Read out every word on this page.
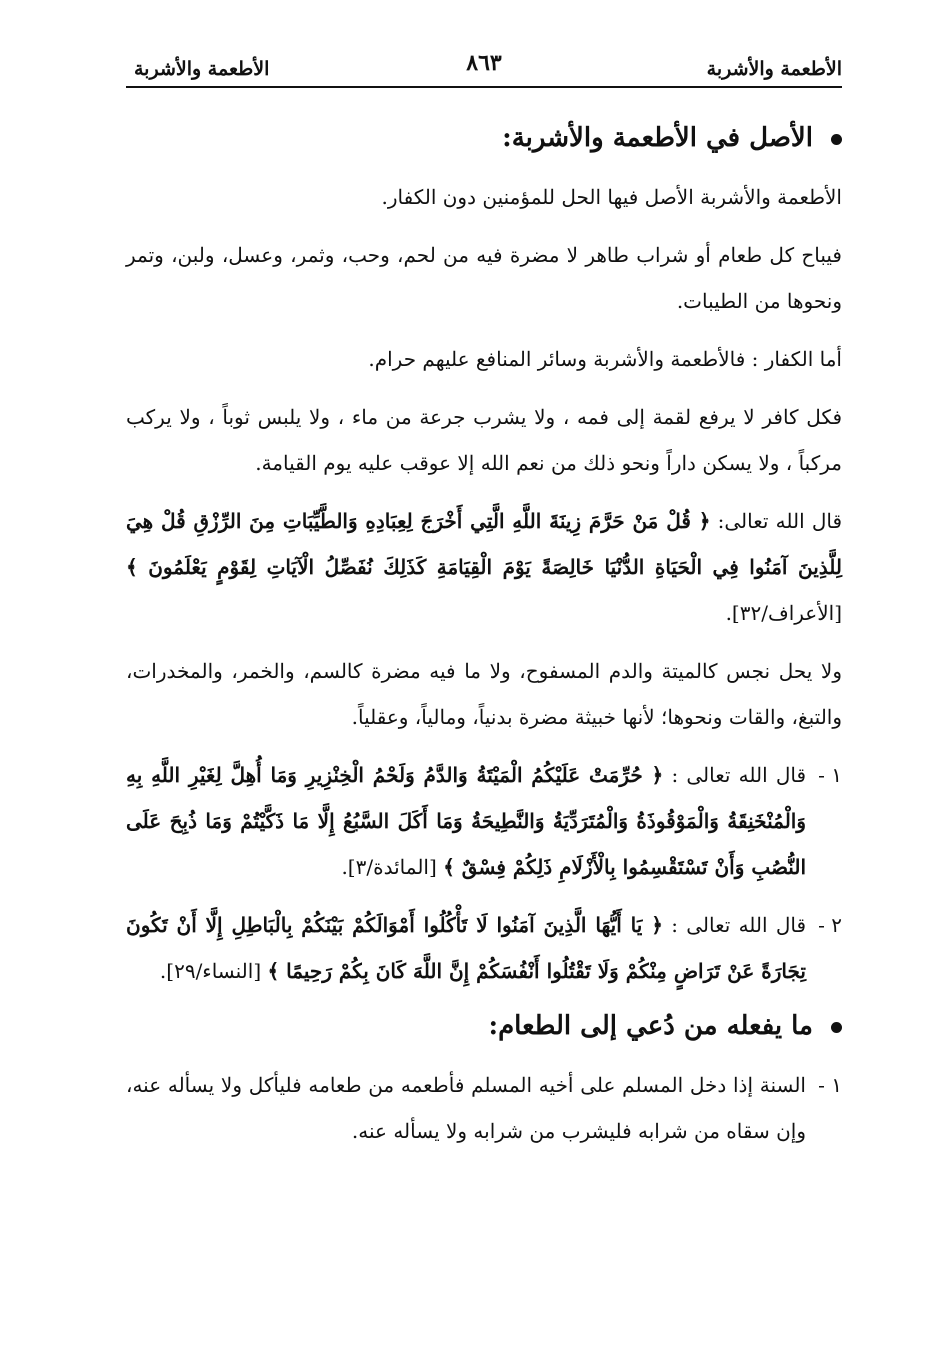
الأطعمة والأشربة
٨٦٣
الأطعمة والأشربة
الأصل في الأطعمة والأشربة:

الأطعمة والأشربة الأصل فيها الحل للمؤمنين دون الكفار.

فيباح كل طعام أو شراب طاهر لا مضرة فيه من لحم، وحب، وثمر، وعسل، ولبن، وتمر ونحوها من الطيبات.

أما الكفار : فالأطعمة والأشربة وسائر المنافع عليهم حرام.

فكل كافر لا يرفع لقمة إلى فمه ، ولا يشرب جرعة من ماء ، ولا يلبس ثوباً ، ولا يركب مركباً ، ولا يسكن داراً ونحو ذلك من نعم الله إلا عوقب عليه يوم القيامة.

قال الله تعالى: ﴿ قُلْ مَنْ حَرَّمَ زِينَةَ اللَّهِ الَّتِي أَخْرَجَ لِعِبَادِهِ وَالطَّيِّبَاتِ مِنَ الرِّزْقِ قُلْ هِيَ لِلَّذِينَ آمَنُوا فِي الْحَيَاةِ الدُّنْيَا خَالِصَةً يَوْمَ الْقِيَامَةِ كَذَلِكَ نُفَصِّلُ الْآيَاتِ لِقَوْمٍ يَعْلَمُونَ ﴾ [الأعراف/٣٢].

ولا يحل نجس كالميتة والدم المسفوح، ولا ما فيه مضرة كالسم، والخمر، والمخدرات، والتبغ، والقات ونحوها؛ لأنها خبيثة مضرة بدنياً، ومالياً، وعقلياً.

١ -
قال الله تعالى : ﴿ حُرِّمَتْ عَلَيْكُمُ الْمَيْتَةُ وَالدَّمُ وَلَحْمُ الْخِنْزِيرِ وَمَا أُهِلَّ لِغَيْرِ اللَّهِ بِهِ وَالْمُنْخَنِقَةُ وَالْمَوْقُوذَةُ وَالْمُتَرَدِّيَةُ وَالنَّطِيحَةُ وَمَا أَكَلَ السَّبُعُ إِلَّا مَا ذَكَّيْتُمْ وَمَا ذُبِحَ عَلَى النُّصُبِ وَأَنْ تَسْتَقْسِمُوا بِالْأَزْلَامِ ذَلِكُمْ فِسْقٌ ﴾ [المائدة/٣].

٢ -
قال الله تعالى : ﴿ يَا أَيُّهَا الَّذِينَ آمَنُوا لَا تَأْكُلُوا أَمْوَالَكُمْ بَيْنَكُمْ بِالْبَاطِلِ إِلَّا أَنْ تَكُونَ تِجَارَةً عَنْ تَرَاضٍ مِنْكُمْ وَلَا تَقْتُلُوا أَنْفُسَكُمْ إِنَّ اللَّهَ كَانَ بِكُمْ رَحِيمًا ﴾ [النساء/٢٩].

ما يفعله من دُعي إلى الطعام:

١ -
السنة إذا دخل المسلم على أخيه المسلم فأطعمه من طعامه فليأكل ولا يسأله عنه، وإن سقاه من شرابه فليشرب من شرابه ولا يسأله عنه.
